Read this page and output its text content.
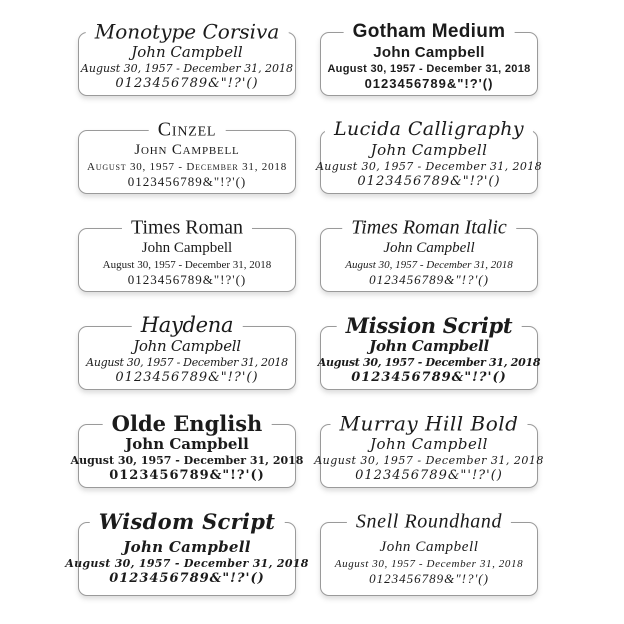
Monotype Corsiva
John Campbell
August 30, 1957 - December 31, 2018
0123456789&"!?'()
Gotham Medium
John Campbell
August 30, 1957 - December 31, 2018
0123456789&"!?'()
Cinzel
John Campbell
August 30, 1957 - December 31, 2018
0123456789&"!?'()
Lucida Calligraphy
John Campbell
August 30, 1957 - December 31, 2018
0123456789&"!?'()
Times Roman
John Campbell
August 30, 1957 - December 31, 2018
0123456789&"!?'()
Times Roman Italic
John Campbell
August 30, 1957 - December 31, 2018
0123456789&"!?'()
Haydena
John Campbell
August 30, 1957 - December 31, 2018
0123456789&"!?'()
Mission Script
John Campbell
August 30, 1957 - December 31, 2018
0123456789&"!?'()
Olde English
John Campbell
August 30, 1957 - December 31, 2018
0123456789&"!?'()
Murray Hill Bold
John Campbell
August 30, 1957 - December 31, 2018
0123456789&"'!?'()
Wisdom Script
John Campbell
August 30, 1957 - December 31, 2018
0123456789&"!?'()
Snell Roundhand
John Campbell
August 30, 1957 - December 31, 2018
0123456789&"!?'()
